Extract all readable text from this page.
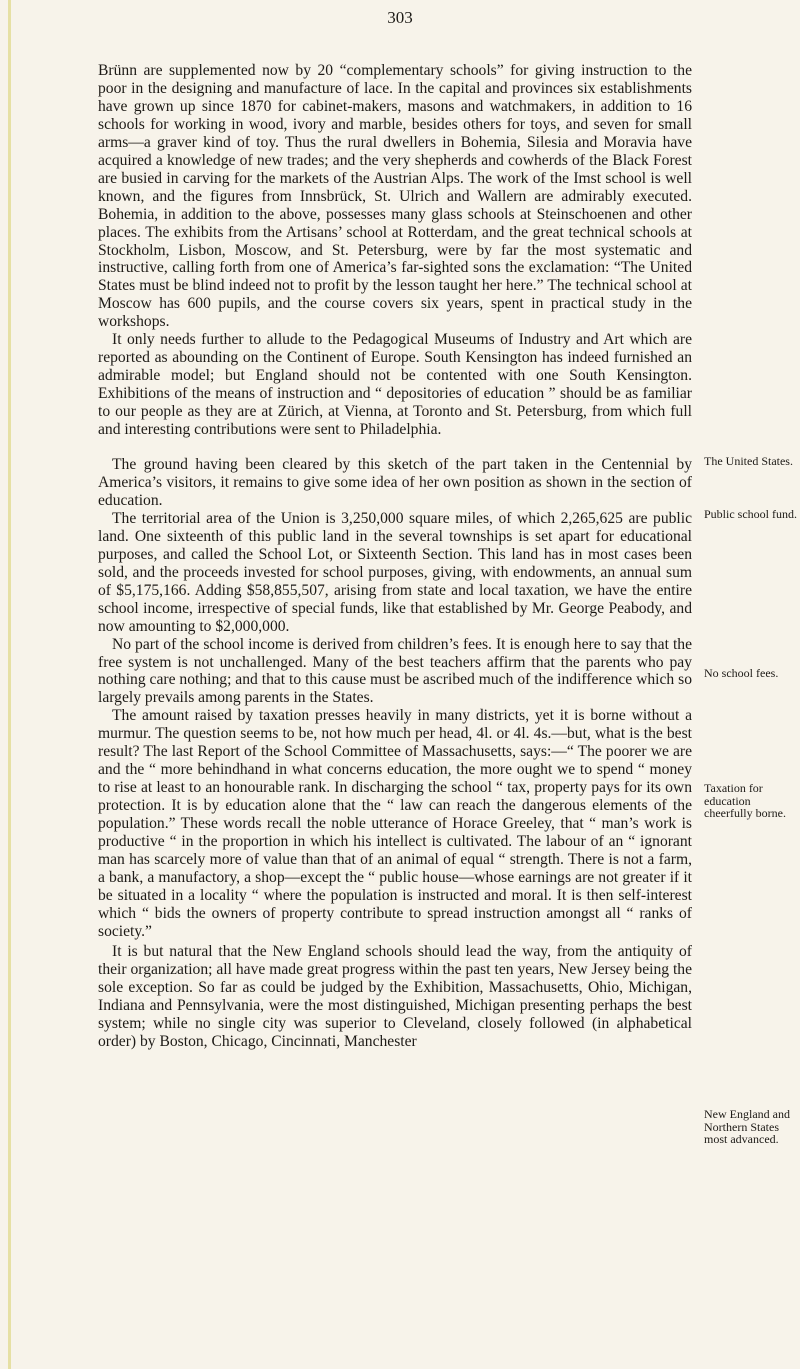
303

Brünn are supplemented now by 20 “complementary schools” for giving instruction to the poor in the designing and manufacture of lace. In the capital and provinces six establishments have grown up since 1870 for cabinet-makers, masons and watchmakers, in addition to 16 schools for working in wood, ivory and marble, besides others for toys, and seven for small arms—a graver kind of toy. Thus the rural dwellers in Bohemia, Silesia and Moravia have acquired a knowledge of new trades; and the very shepherds and cowherds of the Black Forest are busied in carving for the markets of the Austrian Alps. The work of the Imst school is well known, and the figures from Innsbrück, St. Ulrich and Wallern are admirably executed. Bohemia, in addition to the above, possesses many glass schools at Steinschoenen and other places. The exhibits from the Artisans’ school at Rotterdam, and the great technical schools at Stockholm, Lisbon, Moscow, and St. Petersburg, were by far the most systematic and instructive, calling forth from one of America’s far-sighted sons the exclamation: “The United States must be blind indeed not to profit by the lesson taught her here.” The technical school at Moscow has 600 pupils, and the course covers six years, spent in practical study in the workshops.

It only needs further to allude to the Pedagogical Museums of Industry and Art which are reported as abounding on the Continent of Europe. South Kensington has indeed furnished an admirable model; but England should not be contented with one South Kensington. Exhibitions of the means of instruction and “ depositories of education ” should be as familiar to our people as they are at Zürich, at Vienna, at Toronto and St. Petersburg, from which full and interesting contributions were sent to Philadelphia.

The ground having been cleared by this sketch of the part taken in the Centennial by America’s visitors, it remains to give some idea of her own position as shown in the section of education.

The territorial area of the Union is 3,250,000 square miles, of which 2,265,625 are public land. One sixteenth of this public land in the several townships is set apart for educational purposes, and called the School Lot, or Sixteenth Section. This land has in most cases been sold, and the proceeds invested for school purposes, giving, with endowments, an annual sum of $5,175,166. Adding $58,855,507, arising from state and local taxation, we have the entire school income, irrespective of special funds, like that established by Mr. George Peabody, and now amounting to $2,000,000.

No part of the school income is derived from children’s fees. It is enough here to say that the free system is not unchallenged. Many of the best teachers affirm that the parents who pay nothing care nothing; and that to this cause must be ascribed much of the indifference which so largely prevails among parents in the States.

The amount raised by taxation presses heavily in many districts, yet it is borne without a murmur. The question seems to be, not how much per head, 4l. or 4l. 4s.—but, what is the best result? The last Report of the School Committee of Massachusetts, says:—“ The poorer we are and the “ more behindhand in what concerns education, the more ought we to spend “ money to rise at least to an honourable rank. In discharging the school “ tax, property pays for its own protection. It is by education alone that the “ law can reach the dangerous elements of the population.” These words recall the noble utterance of Horace Greeley, that “ man’s work is productive “ in the proportion in which his intellect is cultivated. The labour of an “ ignorant man has scarcely more of value than that of an animal of equal “ strength. There is not a farm, a bank, a manufactory, a shop—except the “ public house—whose earnings are not greater if it be situated in a locality “ where the population is instructed and moral. It is then self-interest which “ bids the owners of property contribute to spread instruction amongst all “ ranks of society.”

It is but natural that the New England schools should lead the way, from the antiquity of their organization; all have made great progress within the past ten years, New Jersey being the sole exception. So far as could be judged by the Exhibition, Massachusetts, Ohio, Michigan, Indiana and Pennsylvania, were the most distinguished, Michigan presenting perhaps the best system; while no single city was superior to Cleveland, closely followed (in alphabetical order) by Boston, Chicago, Cincinnati, Manchester

The United States.
Public school fund.
No school fees.
Taxation for education cheerfully borne.
New England and Northern States most advanced.
